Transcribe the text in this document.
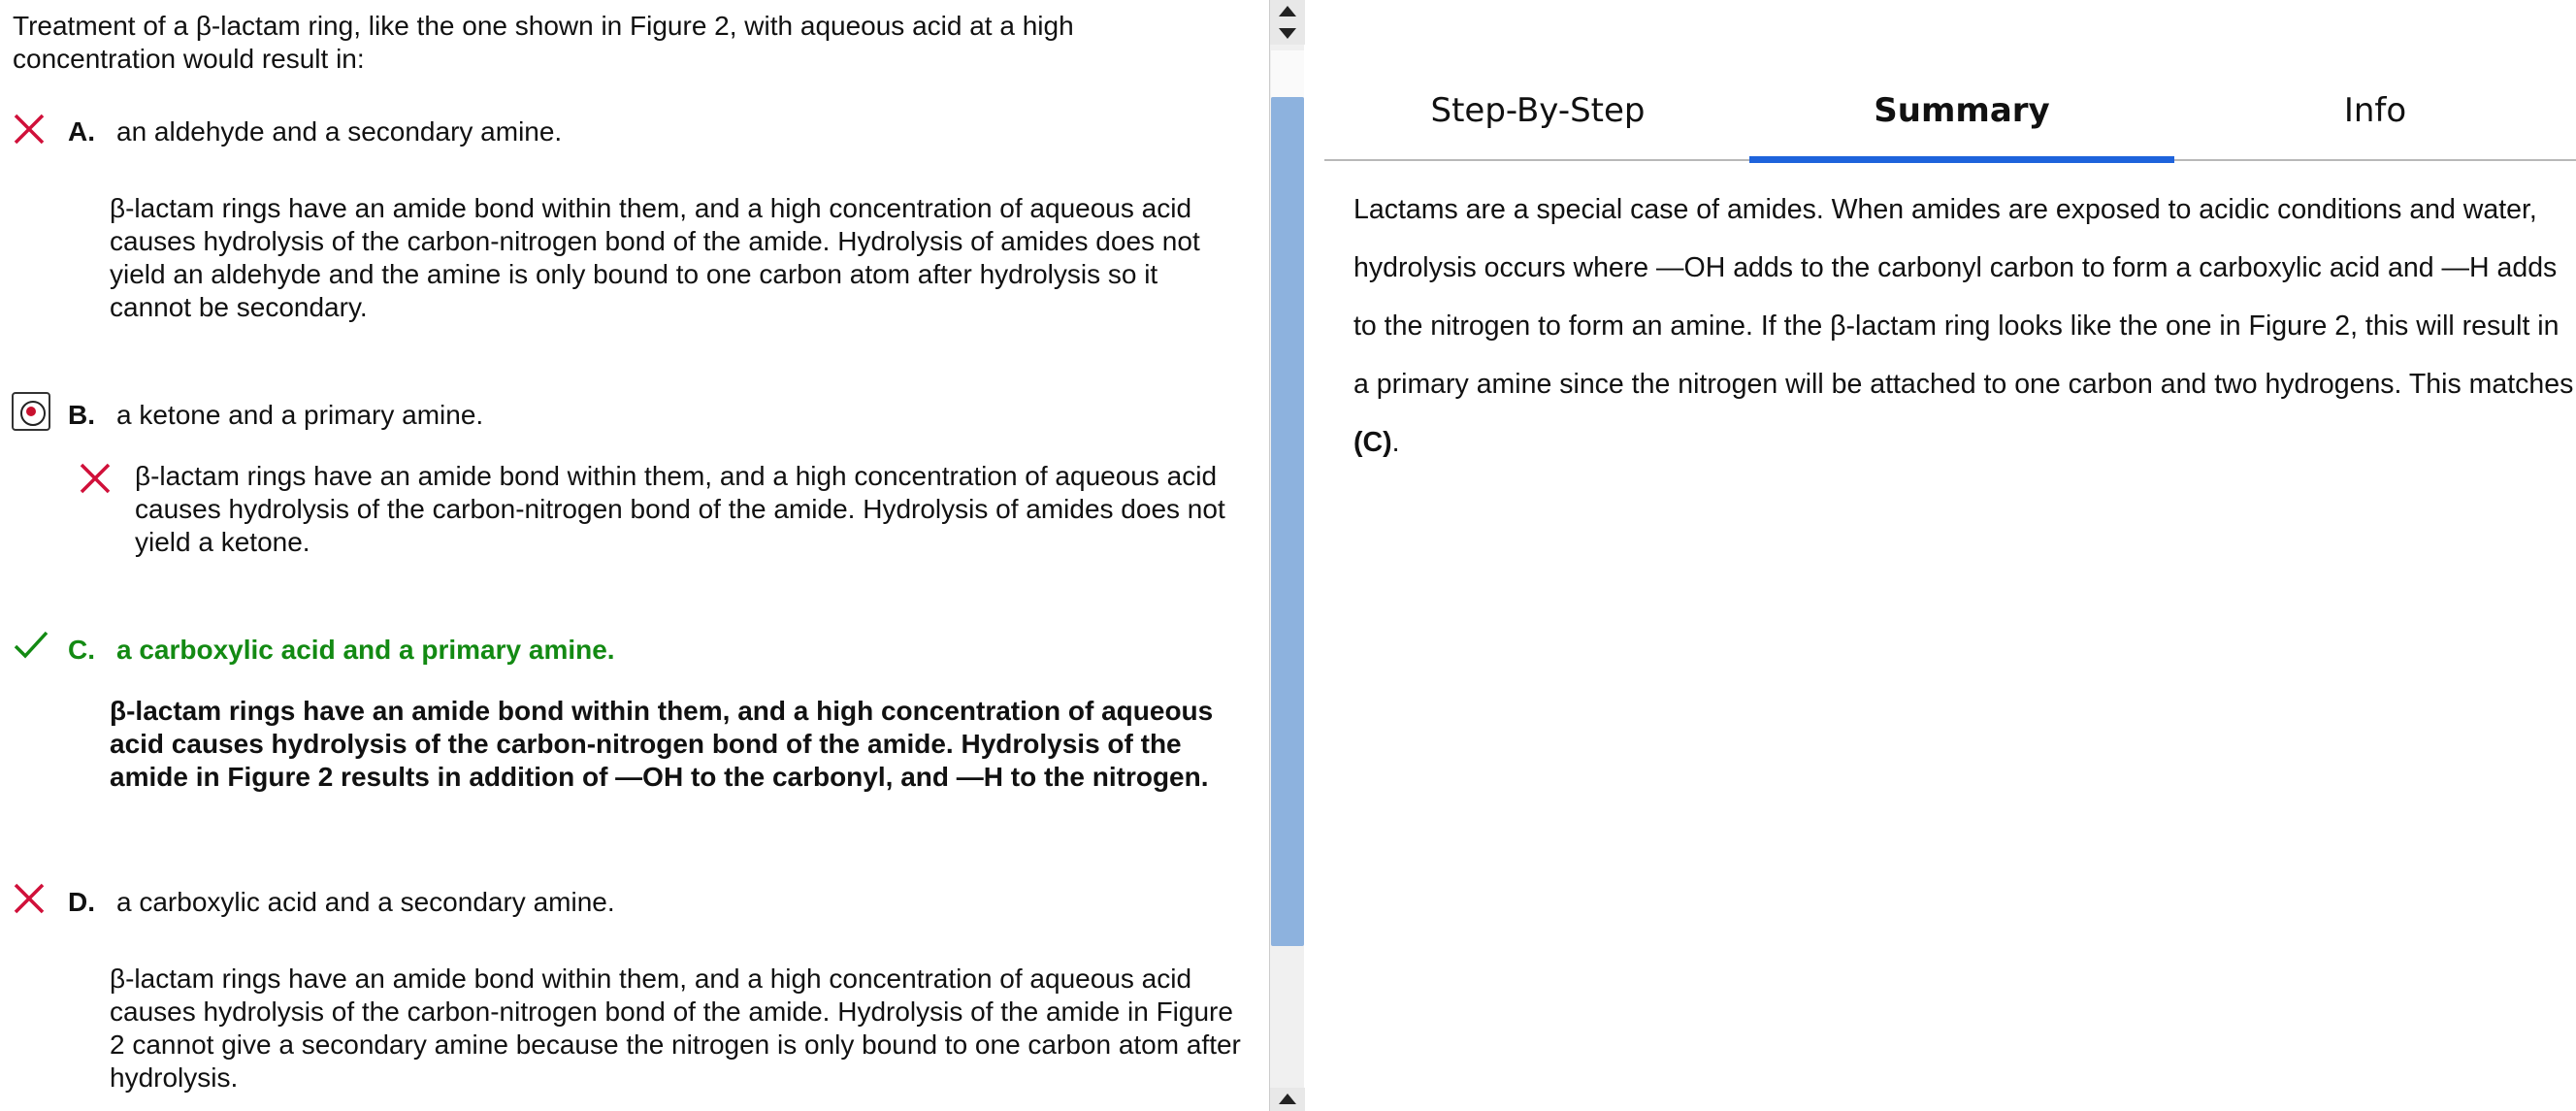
Treatment of a β-lactam ring, like the one shown in Figure 2, with aqueous acid at a high concentration would result in:
A. an aldehyde and a secondary amine.
β-lactam rings have an amide bond within them, and a high concentration of aqueous acid causes hydrolysis of the carbon-nitrogen bond of the amide. Hydrolysis of amides does not yield an aldehyde and the amine is only bound to one carbon atom after hydrolysis so it cannot be secondary.
B. a ketone and a primary amine.
β-lactam rings have an amide bond within them, and a high concentration of aqueous acid causes hydrolysis of the carbon-nitrogen bond of the amide. Hydrolysis of amides does not yield a ketone.
C. a carboxylic acid and a primary amine.
β-lactam rings have an amide bond within them, and a high concentration of aqueous acid causes hydrolysis of the carbon-nitrogen bond of the amide. Hydrolysis of the amide in Figure 2 results in addition of —OH to the carbonyl, and —H to the nitrogen.
D. a carboxylic acid and a secondary amine.
β-lactam rings have an amide bond within them, and a high concentration of aqueous acid causes hydrolysis of the carbon-nitrogen bond of the amide. Hydrolysis of the amide in Figure 2 cannot give a secondary amine because the nitrogen is only bound to one carbon atom after hydrolysis.
Step-By-Step	Summary	Info
Lactams are a special case of amides. When amides are exposed to acidic conditions and water, hydrolysis occurs where —OH adds to the carbonyl carbon to form a carboxylic acid and —H adds to the nitrogen to form an amine. If the β-lactam ring looks like the one in Figure 2, this will result in a primary amine since the nitrogen will be attached to one carbon and two hydrogens. This matches (C).
